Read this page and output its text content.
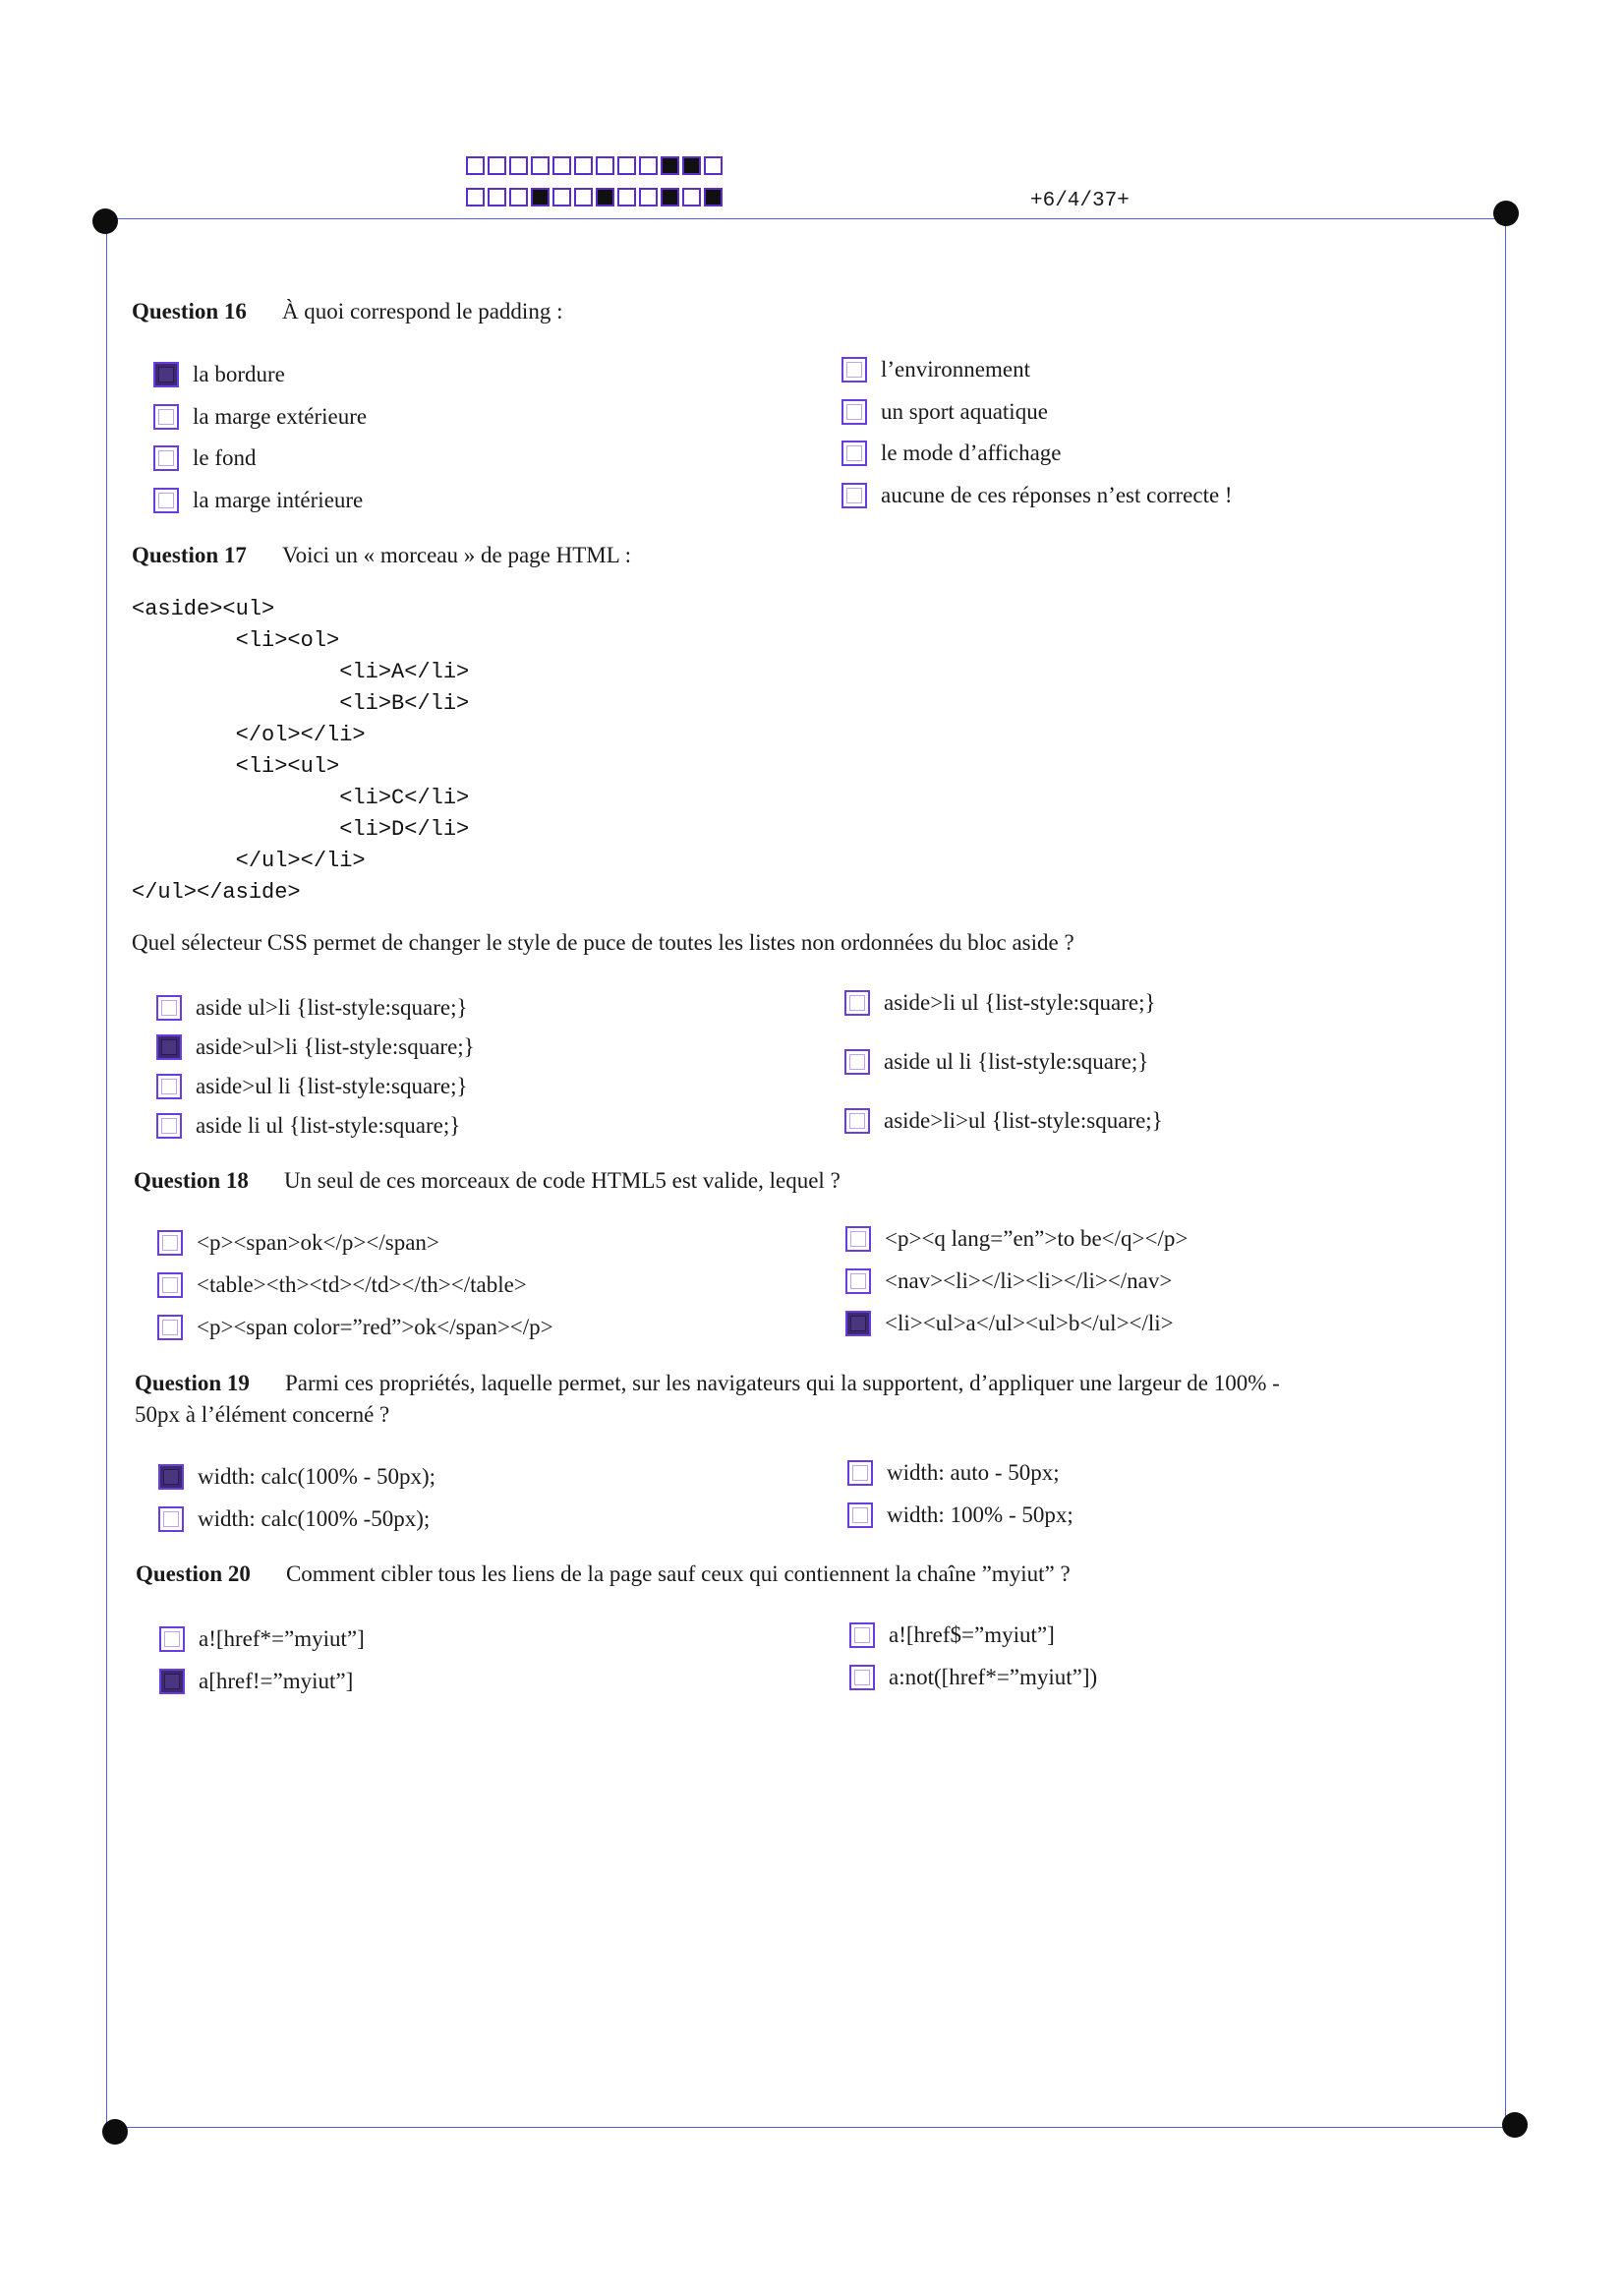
+6/4/37+
Question 16 À quoi correspond le padding :
Question 17 Voici un « morceau » de page HTML :
<aside><ul>
<li><ol>
<li>A</li>
<li>B</li>
</ol></li>
<li><ul>
<li>C</li>
<li>D</li>
</ul></li>
</ul></aside>
Quel sélecteur CSS permet de changer le style de puce de toutes les listes non ordonnées du bloc aside ?
Question 18 Un seul de ces morceaux de code HTML5 est valide, lequel ?
Question 19 Parmi ces propriétés, laquelle permet, sur les navigateurs qui la supportent, d’appliquer une largeur de 100% -
50px à l’élément concerné ?
Question 20 Comment cibler tous les liens de la page sauf ceux qui contiennent la chaîne ”myiut” ?
la bordure
la marge extérieure
le fond
la marge intérieure
l’environnement
un sport aquatique
le mode d’affichage
aucune de ces réponses n’est correcte !
aside ul>li {list-style:square;}
aside>ul>li {list-style:square;}
aside>ul li {list-style:square;}
aside li ul {list-style:square;}
aside>li ul {list-style:square;}
aside ul li {list-style:square;}
aside>li>ul {list-style:square;}
<p><span>ok</p></span>
<table><th><td></td></th></table>
<p><span color=”red”>ok</span></p>
<p><q lang=”en”>to be</q></p>
<nav><li></li><li></li></nav>
<li><ul>a</ul><ul>b</ul></li>
width: calc(100% - 50px);
width: calc(100% -50px);
width: auto - 50px;
width: 100% - 50px;
a![href*=”myiut”]
a[href!=”myiut”]
a![href$=”myiut”]
a:not([href*=”myiut”])
